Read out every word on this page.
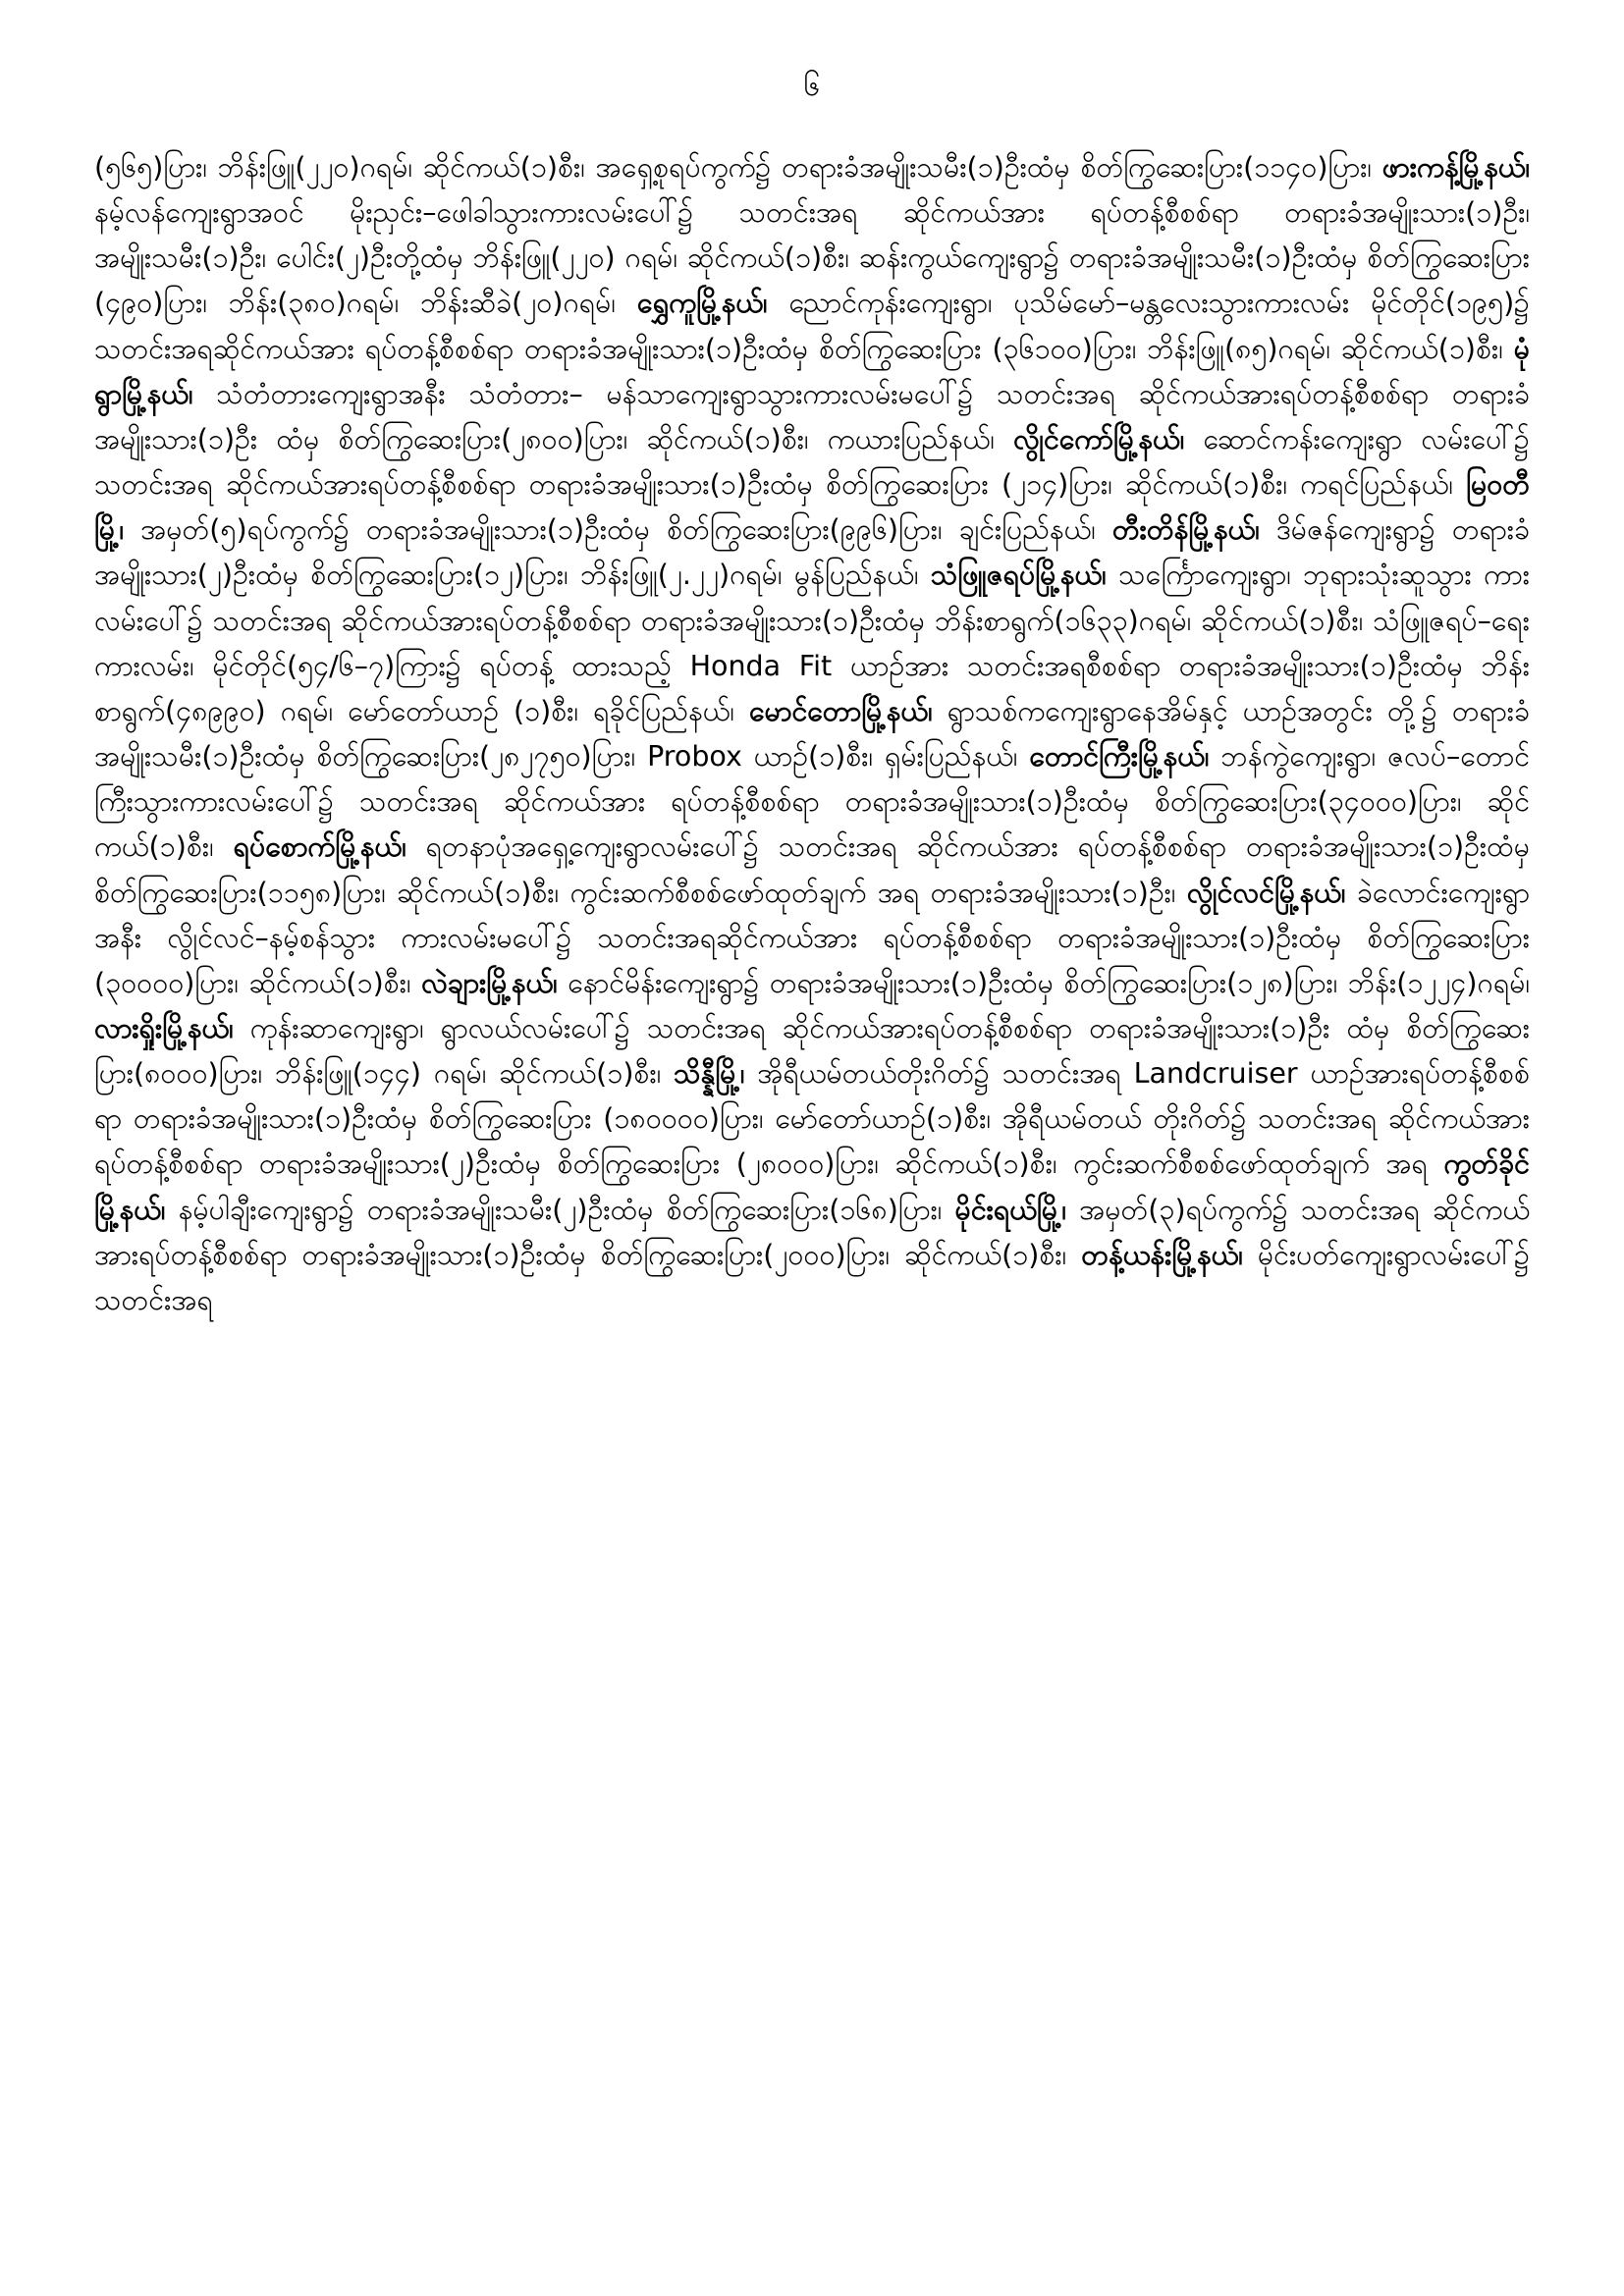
၆
(၅၆၅)ပြား၊ ဘိန်းဖြူ(၂၂၀)ဂရမ်၊ ဆိုင်ကယ်(၁)စီး၊ အရှေ့စုရပ်ကွက်၌ တရားခံအမျိုးသမီး(၁)ဦးထံမှ စိတ်ကြွဆေးပြား(၁၁၄၀)ပြား၊ ဖားကန့်မြို့နယ်၊ နမ့်လန်ကျေးရွာအဝင် မိုးညှင်း–ဖေါခါသွားကားလမ်းပေါ်၌ သတင်းအရ ဆိုင်ကယ်အား ရပ်တန့်စီစစ်ရာ တရားခံအမျိုးသား(၁)ဦး၊ အမျိုးသမီး(၁)ဦး၊ ပေါင်း(၂)ဦးတို့ထံမှ ဘိန်းဖြူ(၂၂၀) ဂရမ်၊ ဆိုင်ကယ်(၁)စီး၊ ဆန်းကွယ်ကျေးရွာ၌ တရားခံအမျိုးသမီး(၁)ဦးထံမှ စိတ်ကြွဆေးပြား (၄၉၀)ပြား၊ ဘိန်း(၃၈၀)ဂရမ်၊ ဘိန်းဆီခဲ(၂၀)ဂရမ်၊ ရွှေကူမြို့နယ်၊ ညောင်ကုန်းကျေးရွာ၊ ပုသိမ်မော်–မန္တလေးသွားကားလမ်း မိုင်တိုင်(၁၉၅)၌ သတင်းအရဆိုင်ကယ်အား ရပ်တန့်စီစစ်ရာ တရားခံအမျိုးသား(၁)ဦးထံမှ စိတ်ကြွဆေးပြား (၃၆၁၀၀)ပြား၊ ဘိန်းဖြူ(၈၅)ဂရမ်၊ ဆိုင်ကယ်(၁)စီး၊ မုံရွာမြို့နယ်၊ သံတံတားကျေးရွာအနီး သံတံတား– မန်သာကျေးရွာသွားကားလမ်းမပေါ်၌ သတင်းအရ ဆိုင်ကယ်အားရပ်တန့်စီစစ်ရာ တရားခံအမျိုးသား(၁)ဦး ထံမှ စိတ်ကြွဆေးပြား(၂၈၀၀)ပြား၊ ဆိုင်ကယ်(၁)စီး၊ ကယားပြည်နယ်၊ လွိုင်ကော်မြို့နယ်၊ ဆောင်ကန်းကျေးရွာ လမ်းပေါ်၌ သတင်းအရ ဆိုင်ကယ်အားရပ်တန့်စီစစ်ရာ တရားခံအမျိုးသား(၁)ဦးထံမှ စိတ်ကြွဆေးပြား (၂၁၄)ပြား၊ ဆိုင်ကယ်(၁)စီး၊ ကရင်ပြည်နယ်၊ မြဝတီမြို့၊ အမှတ်(၅)ရပ်ကွက်၌ တရားခံအမျိုးသား(၁)ဦးထံမှ စိတ်ကြွဆေးပြား(၉၉၆)ပြား၊ ချင်းပြည်နယ်၊ တီးတိန်မြို့နယ်၊ ဒိမ်ဇန်ကျေးရွာ၌ တရားခံအမျိုးသား(၂)ဦးထံမှ စိတ်ကြွဆေးပြား(၁၂)ပြား၊ ဘိန်းဖြူ(၂.၂၂)ဂရမ်၊ မွန်ပြည်နယ်၊ သံဖြူဇရပ်မြို့နယ်၊ သင်္ကြောကျေးရွာ၊ ဘုရားသုံးဆူသွား ကားလမ်းပေါ်၌ သတင်းအရ ဆိုင်ကယ်အားရပ်တန့်စီစစ်ရာ တရားခံအမျိုးသား(၁)ဦးထံမှ ဘိန်းစာရွက်(၁၆၃၃)ဂရမ်၊ ဆိုင်ကယ်(၁)စီး၊ သံဖြူဇရပ်–ရေးကားလမ်း၊ မိုင်တိုင်(၅၄/၆–၇)ကြား၌ ရပ်တန့် ထားသည့် Honda Fit ယာဉ်အား သတင်းအရစီစစ်ရာ တရားခံအမျိုးသား(၁)ဦးထံမှ ဘိန်းစာရွက်(၄၈၉၉၀) ဂရမ်၊ မော်တော်ယာဉ် (၁)စီး၊ ရခိုင်ပြည်နယ်၊ မောင်တောမြို့နယ်၊ ရွာသစ်ကကျေးရွာနေအိမ်နှင့် ယာဉ်အတွင်း တို့၌ တရားခံအမျိုးသမီး(၁)ဦးထံမှ စိတ်ကြွဆေးပြား(၂၈၂၇၅၀)ပြား၊ Probox ယာဉ်(၁)စီး၊ ရှမ်းပြည်နယ်၊ တောင်ကြီးမြို့နယ်၊ ဘန်ကွဲကျေးရွာ၊ ဇလပ်–တောင်ကြီးသွားကားလမ်းပေါ်၌ သတင်းအရ ဆိုင်ကယ်အား ရပ်တန့်စီစစ်ရာ တရားခံအမျိုးသား(၁)ဦးထံမှ စိတ်ကြွဆေးပြား(၃၄၀၀၀)ပြား၊ ဆိုင်ကယ်(၁)စီး၊ ရပ်စောက်မြို့နယ်၊ ရတနာပုံအရှေ့ကျေးရွာလမ်းပေါ်၌ သတင်းအရ ဆိုင်ကယ်အား ရပ်တန့်စီစစ်ရာ တရားခံအမျိုးသား(၁)ဦးထံမှ စိတ်ကြွဆေးပြား(၁၁၅၈)ပြား၊ ဆိုင်ကယ်(၁)စီး၊ ကွင်းဆက်စီစစ်ဖော်ထုတ်ချက် အရ တရားခံအမျိုးသား(၁)ဦး၊ လွိုင်လင်မြို့နယ်၊ ခဲလောင်းကျေးရွာအနီး လွိုင်လင်–နမ့်စန်သွား ကားလမ်းမပေါ်၌ သတင်းအရဆိုင်ကယ်အား ရပ်တန့်စီစစ်ရာ တရားခံအမျိုးသား(၁)ဦးထံမှ စိတ်ကြွဆေးပြား (၃၀၀၀၀)ပြား၊ ဆိုင်ကယ်(၁)စီး၊ လဲချားမြို့နယ်၊ နောင်မိန်းကျေးရွာ၌ တရားခံအမျိုးသား(၁)ဦးထံမှ စိတ်ကြွဆေးပြား(၁၂၈)ပြား၊ ဘိန်း(၁၂၂၄)ဂရမ်၊ လားရှိုးမြို့နယ်၊ ကုန်းဆာကျေးရွာ၊ ရွာလယ်လမ်းပေါ်၌ သတင်းအရ ဆိုင်ကယ်အားရပ်တန့်စီစစ်ရာ တရားခံအမျိုးသား(၁)ဦး ထံမှ စိတ်ကြွဆေးပြား(၈၀၀၀)ပြား၊ ဘိန်းဖြူ(၁၄၄) ဂရမ်၊ ဆိုင်ကယ်(၁)စီး၊ သိန္နီမြို့၊ အိုရီယမ်တယ်တိုးဂိတ်၌ သတင်းအရ Landcruiser ယာဉ်အားရပ်တန့်စီစစ်ရာ တရားခံအမျိုးသား(၁)ဦးထံမှ စိတ်ကြွဆေးပြား (၁၈၀၀၀၀)ပြား၊ မော်တော်ယာဉ်(၁)စီး၊ အိုရီယမ်တယ် တိုးဂိတ်၌ သတင်းအရ ဆိုင်ကယ်အားရပ်တန့်စီစစ်ရာ တရားခံအမျိုးသား(၂)ဦးထံမှ စိတ်ကြွဆေးပြား (၂၈၀၀၀)ပြား၊ ဆိုင်ကယ်(၁)စီး၊ ကွင်းဆက်စီစစ်ဖော်ထုတ်ချက် အရ ကွတ်ခိုင်မြို့နယ်၊ နမ့်ပါချီးကျေးရွာ၌ တရားခံအမျိုးသမီး(၂)ဦးထံမှ စိတ်ကြွဆေးပြား(၁၆၈)ပြား၊ မိုင်းရယ်မြို့၊ အမှတ်(၃)ရပ်ကွက်၌ သတင်းအရ ဆိုင်ကယ်အားရပ်တန့်စီစစ်ရာ တရားခံအမျိုးသား(၁)ဦးထံမှ စိတ်ကြွဆေးပြား(၂၀၀၀)ပြား၊ ဆိုင်ကယ်(၁)စီး၊ တန့်ယန်းမြို့နယ်၊ မိုင်းပတ်ကျေးရွာလမ်းပေါ်၌ သတင်းအရ
